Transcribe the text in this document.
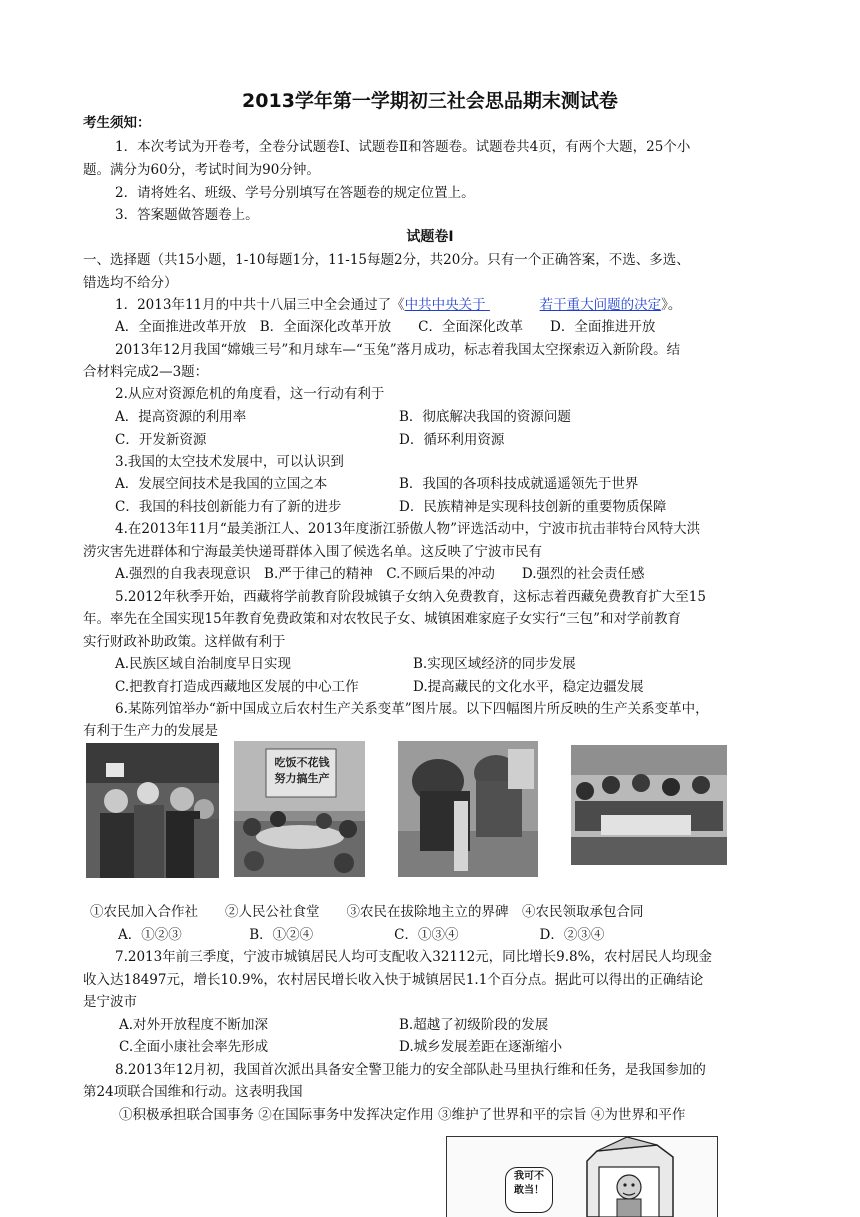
2013学年第一学期初三社会思品期末测试卷
考生须知：
1．本次考试为开卷考，全卷分试题卷Ⅰ、试题卷Ⅱ和答题卷。试题卷共4页，有两个大题，25个小
题。满分为60分，考试时间为90分钟。
2．请将姓名、班级、学号分别填写在答题卷的规定位置上。
3．答案题做答题卷上。
试题卷Ⅰ
一、选择题（共15小题，1-10每题1分，11-15每题2分，共20分。只有一个正确答案，不选、多选、
错选均不给分）
1．2013年11月的中共十八届三中全会通过了《中共中央关于	若干重大问题的决定》。
A．全面推进改革开放　B．全面深化改革开放　　C．全面深化改革　　D．全面推进开放
2013年12月我国“嫦娥三号”和月球车—“玉兔”落月成功，标志着我国太空探索迈入新阶段。结
合材料完成2—3题：
2.从应对资源危机的角度看，这一行动有利于
A．提高资源的利用率	B．彻底解决我国的资源问题
C．开发新资源	D．循环利用资源
3.我国的太空技术发展中，可以认识到
A．发展空间技术是我国的立国之本	B．我国的各项科技成就遥遥领先于世界
C．我国的科技创新能力有了新的进步	D．民族精神是实现科技创新的重要物质保障
4.在2013年11月“最美浙江人、2013年度浙江骄傲人物”评选活动中，宁波市抗击菲特台风特大洪
涝灾害先进群体和宁海最美快递哥群体入围了候选名单。这反映了宁波市民有
A.强烈的自我表现意识　B.严于律己的精神　C.不顾后果的冲动　　D.强烈的社会责任感
5.2012年秋季开始，西藏将学前教育阶段城镇子女纳入免费教育，这标志着西藏免费教育扩大至15
年。率先在全国实现15年教育免费政策和对农牧民子女、城镇困难家庭子女实行“三包”和对学前教育
实行财政补助政策。这样做有利于
A.民族区域自治制度早日实现	B.实现区域经济的同步发展
C.把教育打造成西藏地区发展的中心工作	D.提高藏民的文化水平，稳定边疆发展
6.某陈列馆举办“新中国成立后农村生产关系变革”图片展。以下四幅图片所反映的生产关系变革中，
有利于生产力的发展是
吃饭不花钱
努力搞生产
①农民加入合作社　　②人民公社食堂　　③农民在拔除地主立的界碑　④农民领取承包合同
A．①②③　　　　　B．①②④　　　　　　C．①③④　　　　　　D．②③④
7.2013年前三季度，宁波市城镇居民人均可支配收入32112元，同比增长9.8%，农村居民人均现金
收入达18497元，增长10.9%，农村居民增长收入快于城镇居民1.1个百分点。据此可以得出的正确结论
是宁波市
A.对外开放程度不断加深	B.超越了初级阶段的发展
C.全面小康社会率先形成	D.城乡发展差距在逐渐缩小
8.2013年12月初，我国首次派出具备安全警卫能力的安全部队赴马里执行维和任务，是我国参加的
第24项联合国维和行动。这表明我国
①积极承担联合国事务 ②在国际事务中发挥决定作用 ③维护了世界和平的宗旨 ④为世界和平作
我可不
敢当！
